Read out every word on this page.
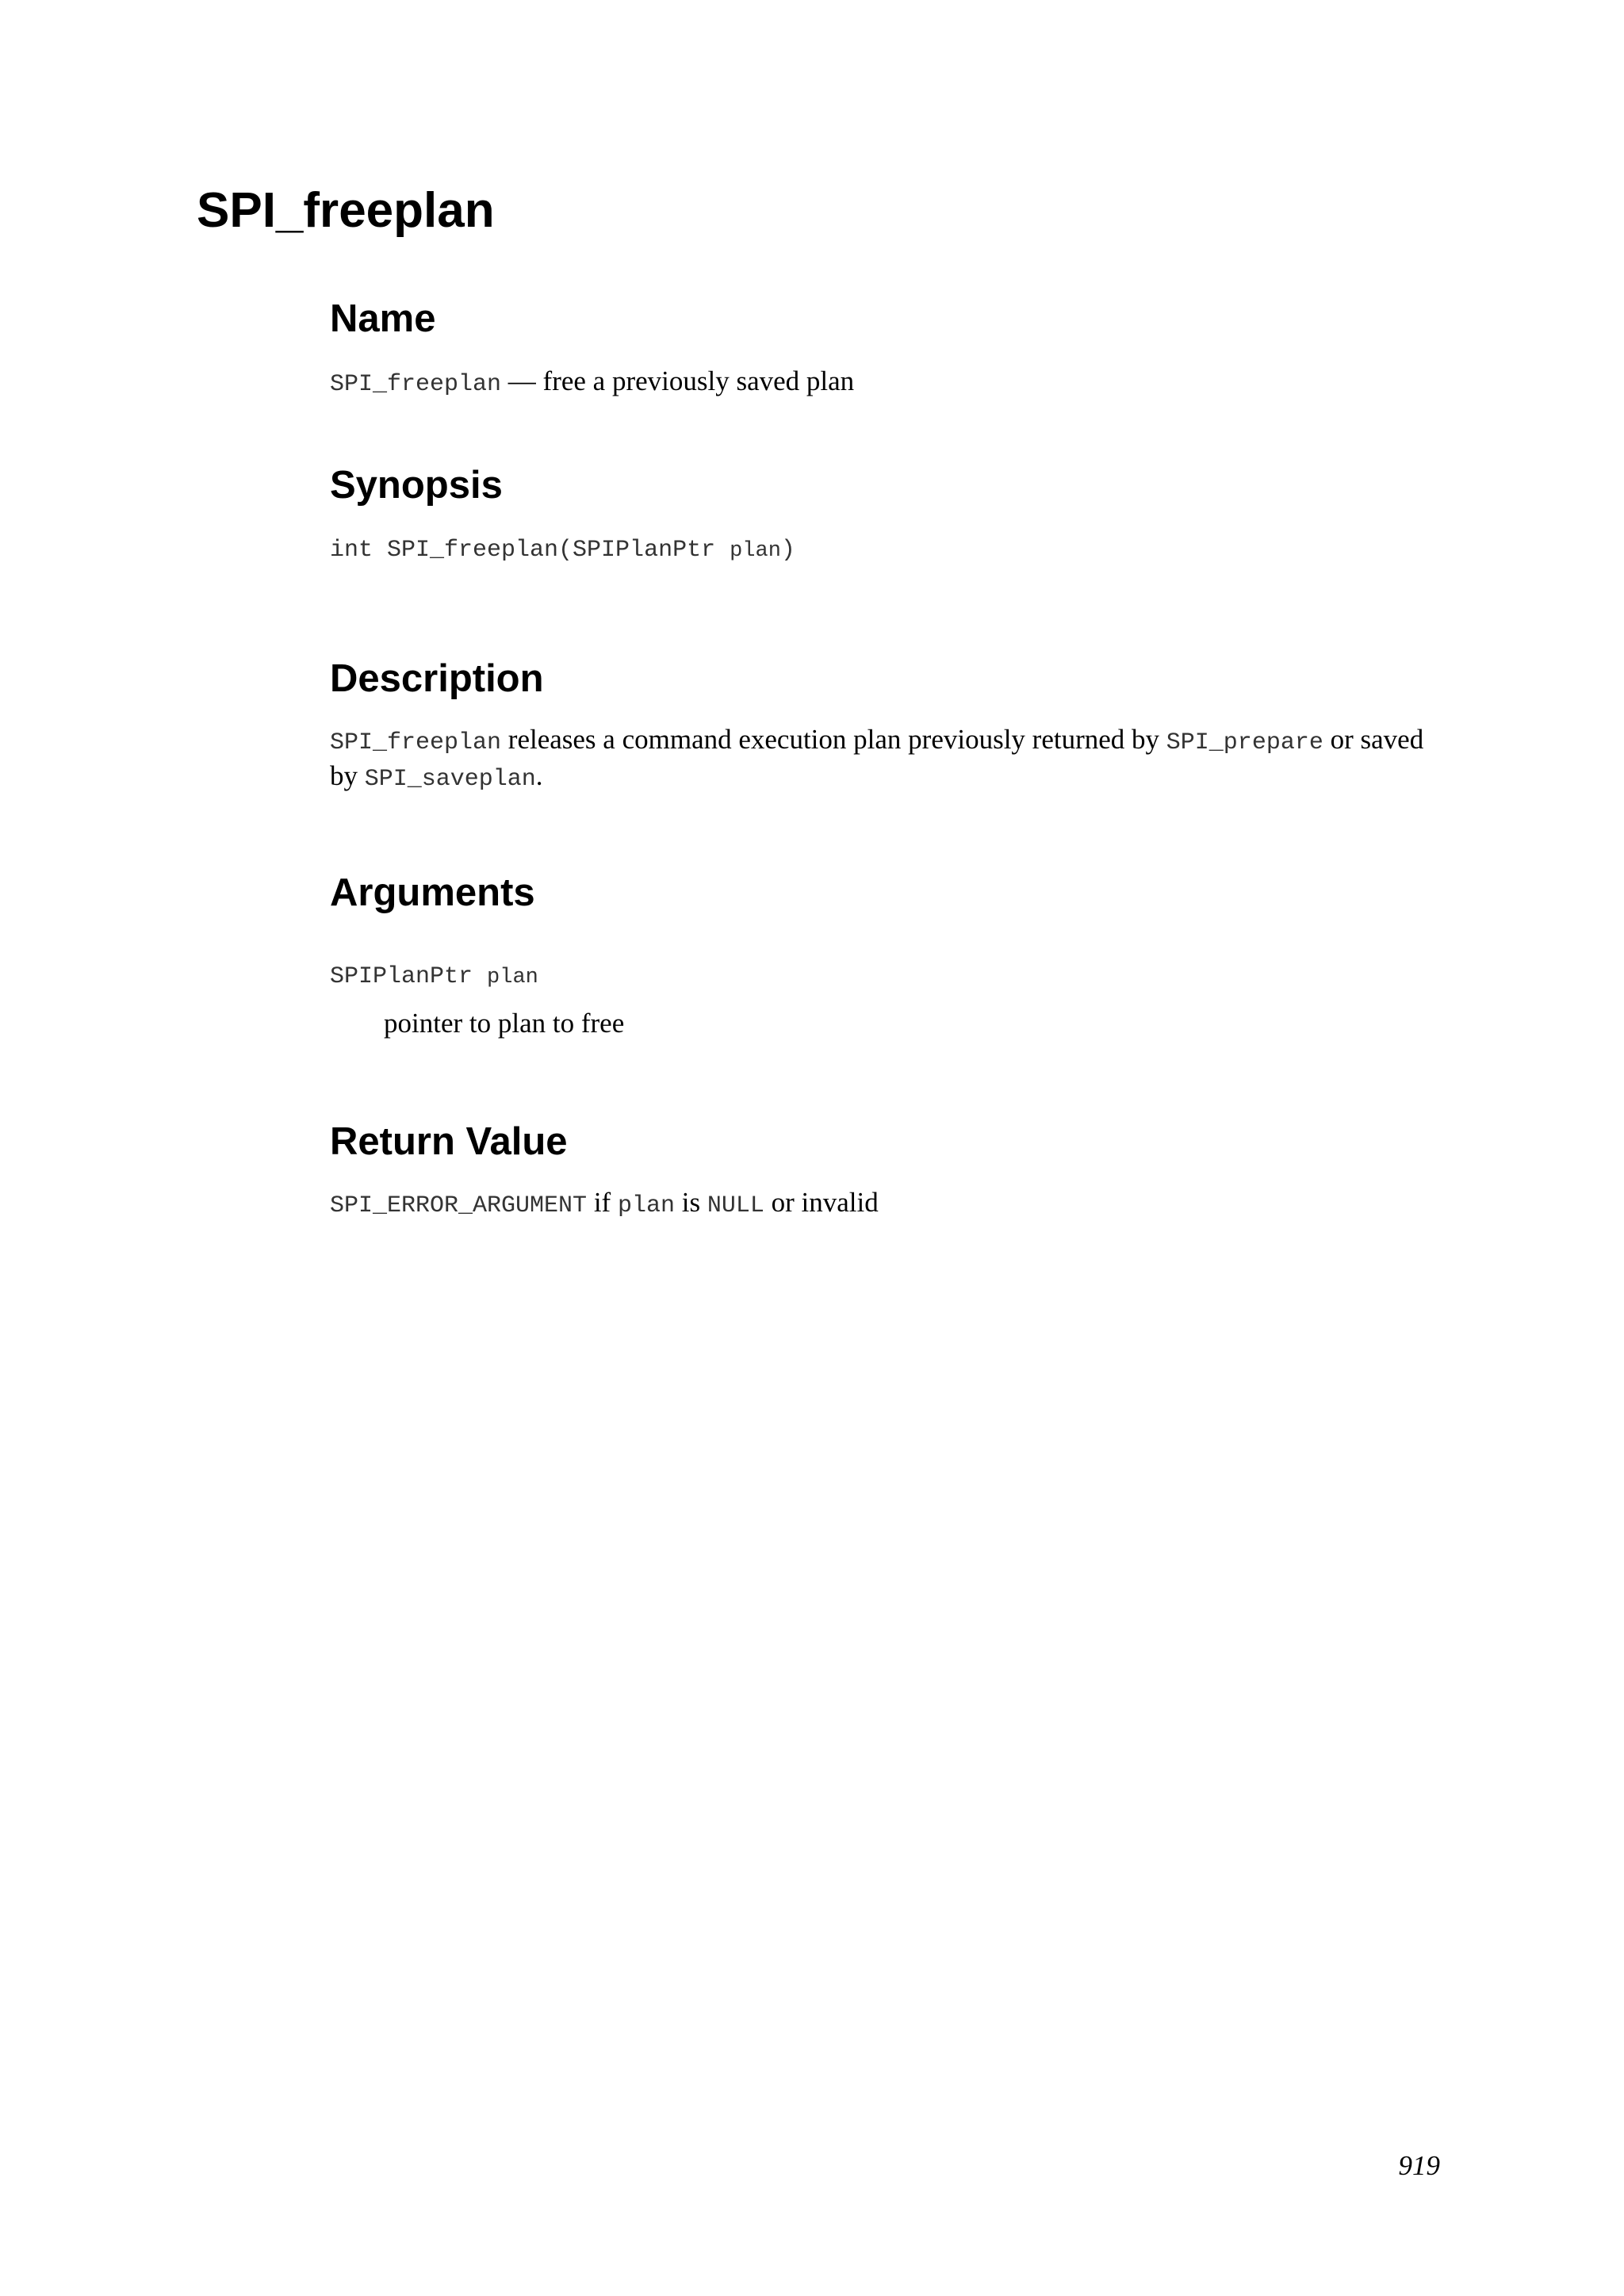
SPI_freeplan
Name

SPI_freeplan — free a previously saved plan

Synopsis

int SPI_freeplan(SPIPlanPtr plan)

Description

SPI_freeplan releases a command execution plan previously returned by SPI_prepare or saved

by SPI_saveplan.

Arguments

SPIPlanPtr plan

pointer to plan to free

Return Value

SPI_ERROR_ARGUMENT if plan is NULL or invalid

919
